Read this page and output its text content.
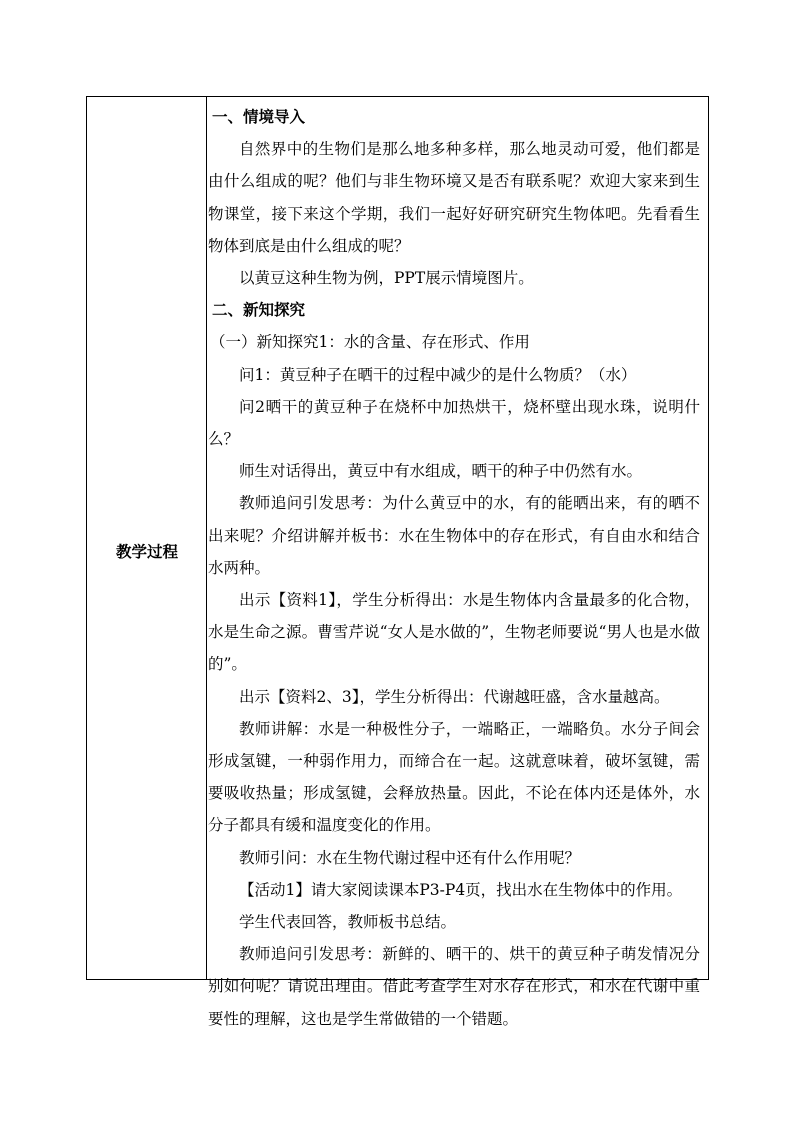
教学过程

一、情境导入

自然界中的生物们是那么地多种多样，那么地灵动可爱，他们都是由什么组成的呢？他们与非生物环境又是否有联系呢？欢迎大家来到生物课堂，接下来这个学期，我们一起好好研究研究生物体吧。先看看生物体到底是由什么组成的呢？

以黄豆这种生物为例，PPT展示情境图片。

二、新知探究

（一）新知探究1：水的含量、存在形式、作用

问1：黄豆种子在晒干的过程中减少的是什么物质？（水）

问2晒干的黄豆种子在烧杯中加热烘干，烧杯壁出现水珠，说明什么？

师生对话得出，黄豆中有水组成，晒干的种子中仍然有水。

教师追问引发思考：为什么黄豆中的水，有的能晒出来，有的晒不出来呢？介绍讲解并板书：水在生物体中的存在形式，有自由水和结合水两种。

出示【资料1】，学生分析得出：水是生物体内含量最多的化合物，水是生命之源。曹雪芹说“女人是水做的”，生物老师要说“男人也是水做的”。

出示【资料2、3】，学生分析得出：代谢越旺盛，含水量越高。

教师讲解：水是一种极性分子，一端略正，一端略负。水分子间会形成氢键，一种弱作用力，而缔合在一起。这就意味着，破坏氢键，需要吸收热量；形成氢键，会释放热量。因此，不论在体内还是体外，水分子都具有缓和温度变化的作用。

教师引问：水在生物代谢过程中还有什么作用呢？

【活动1】请大家阅读课本P3-P4页，找出水在生物体中的作用。

学生代表回答，教师板书总结。

教师追问引发思考：新鲜的、晒干的、烘干的黄豆种子萌发情况分别如何呢？请说出理由。借此考查学生对水存在形式，和水在代谢中重要性的理解，这也是学生常做错的一个错题。
